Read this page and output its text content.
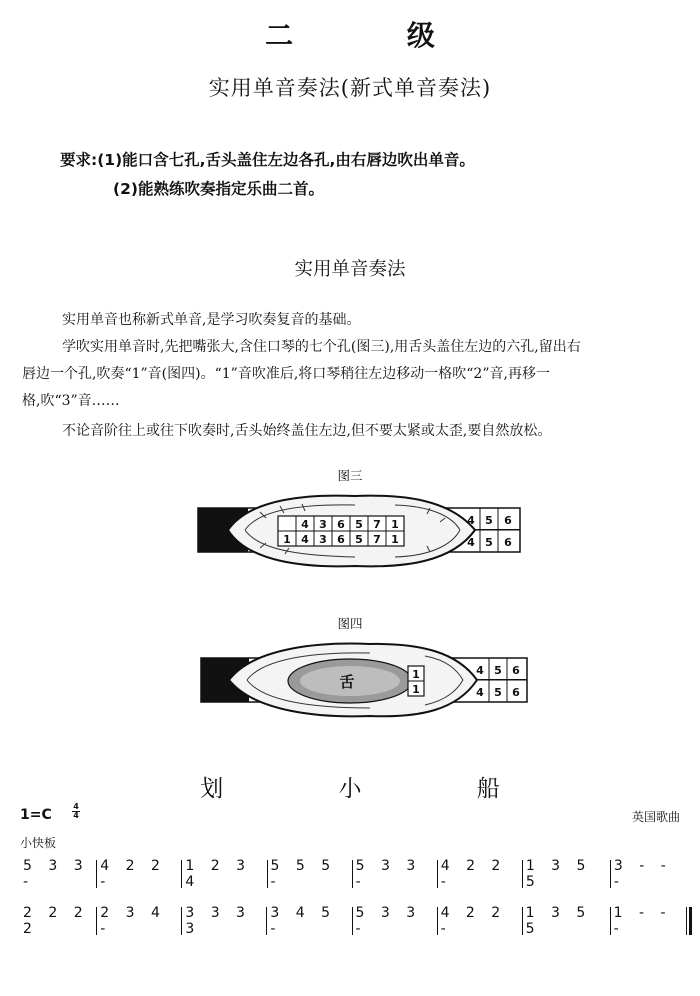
二 级
实用单音奏法(新式单音奏法)
要求:(1)能口含七孔,舌头盖住左边各孔,由右唇边吹出单音。
(2)能熟练吹奏指定乐曲二首。
实用单音奏法
实用单音也称新式单音,是学习吹奏复音的基础。
学吹实用单音时,先把嘴张大,含住口琴的七个孔(图三),用舌头盖住左边的六孔,留出右
唇边一个孔,吹奏“1”音(图四)。“1”音吹准后,将口琴稍往左边移动一格吹“2”音,再移一
格,吹“3”音……
不论音阶往上或往下吹奏时,舌头始终盖住左边,但不要太紧或太歪,要自然放松。
图三
4 3 6 5 7 1
1 4 3 6 5 7 1
4 5 6
4 5 6
图四
舌	1
1
4 5 6
4 5 6
划 小 船
1=C
4
4	英国歌曲
小快板
5 3 3 -
4 2 2 -
1 2 3 4
5 5 5 -
5 3 3 -
4 2 2 -
1 3 5 5
3 - - -
2 2 2 2
2 3 4 -
3 3 3 3
3 4 5 -
5 3 3 -
4 2 2 -
1 3 5 5
1 - - -
